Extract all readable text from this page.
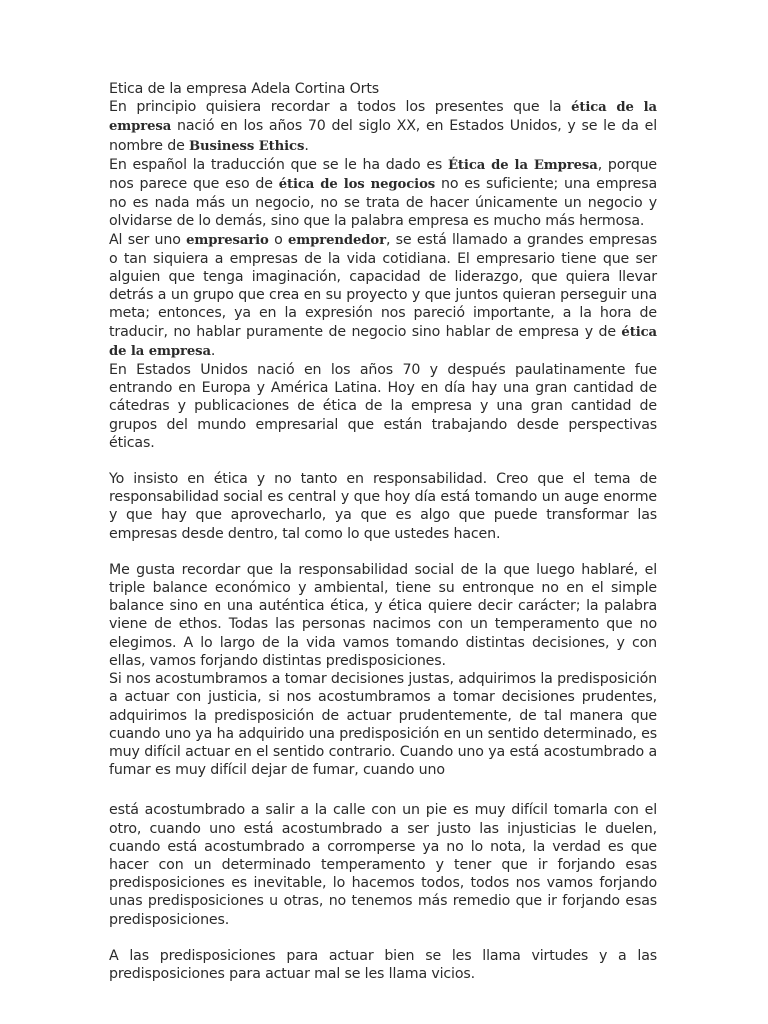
Etica de la empresa Adela Cortina Orts

En principio quisiera recordar a todos los presentes que la ética de la empresa nació en los años 70 del siglo XX, en Estados Unidos, y se le da el nombre de Business Ethics.

En español la traducción que se le ha dado es Ética de la Empresa, porque nos parece que eso de ética de los negocios no es suficiente; una empresa no es nada más un negocio, no se trata de hacer únicamente un negocio y olvidarse de lo demás, sino que la palabra empresa es mucho más hermosa.

Al ser uno empresario o emprendedor, se está llamado a grandes empresas o tan siquiera a empresas de la vida cotidiana. El empresario tiene que ser alguien que tenga imaginación, capacidad de liderazgo, que quiera llevar detrás a un grupo que crea en su proyecto y que juntos quieran perseguir una meta; entonces, ya en la expresión nos pareció importante, a la hora de traducir, no hablar puramente de negocio sino hablar de empresa y de ética de la empresa.

En Estados Unidos nació en los años 70 y después paulatinamente fue entrando en Europa y América Latina. Hoy en día hay una gran cantidad de cátedras y publicaciones de ética de la empresa y una gran cantidad de grupos del mundo empresarial que están trabajando desde perspectivas éticas.

Yo insisto en ética y no tanto en responsabilidad. Creo que el tema de responsabilidad social es central y que hoy día está tomando un auge enorme y que hay que aprovecharlo, ya que es algo que puede transformar las empresas desde dentro, tal como lo que ustedes hacen.

Me gusta recordar que la responsabilidad social de la que luego hablaré, el triple balance económico y ambiental, tiene su entronque no en el simple balance sino en una auténtica ética, y ética quiere decir carácter; la palabra viene de ethos. Todas las personas nacimos con un temperamento que no elegimos. A lo largo de la vida vamos tomando distintas decisiones, y con ellas, vamos forjando distintas predisposiciones.

Si nos acostumbramos a tomar decisiones justas, adquirimos la predisposición a actuar con justicia, si nos acostumbramos a tomar decisiones prudentes, adquirimos la predisposición de actuar prudentemente, de tal manera que cuando uno ya ha adquirido una predisposición en un sentido determinado, es muy difícil actuar en el sentido contrario. Cuando uno ya está acostumbrado a fumar es muy difícil dejar de fumar, cuando uno

está acostumbrado a salir a la calle con un pie es muy difícil tomarla con el otro, cuando uno está acostumbrado a ser justo las injusticias le duelen, cuando está acostumbrado a corromperse ya no lo nota, la verdad es que hacer con un determinado temperamento y tener que ir forjando esas predisposiciones es inevitable, lo hacemos todos, todos nos vamos forjando unas predisposiciones u otras, no tenemos más remedio que ir forjando esas predisposiciones.

A las predisposiciones para actuar bien se les llama virtudes y a las predisposiciones para actuar mal se les llama vicios.
